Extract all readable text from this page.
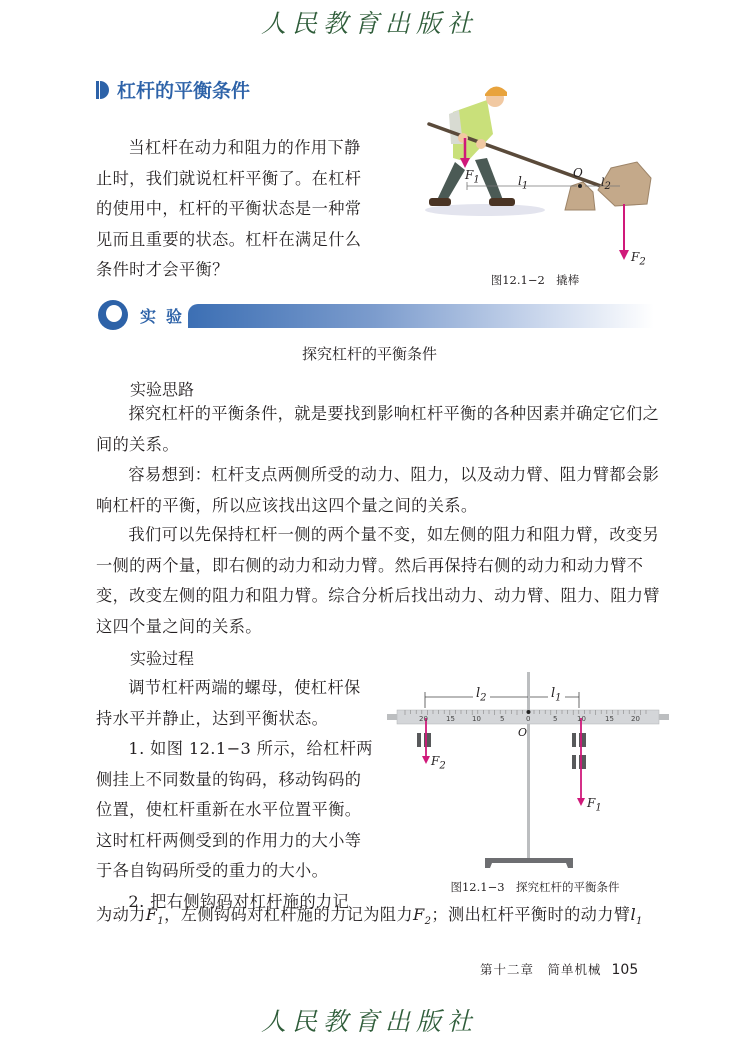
人民教育出版社
杠杆的平衡条件
当杠杆在动力和阻力的作用下静
止时，我们就说杠杆平衡了。在杠杆
的使用中，杠杆的平衡状态是一种常
见而且重要的状态。杠杆在满足什么
条件时才会平衡？
$F_1$	$l_1$
O
$l_2$
$F_2$
图12.1−2　撬棒
实验
探究杠杆的平衡条件
实验思路
探究杠杆的平衡条件，就是要找到影响杠杆平衡的各种因素并确定它们之
间的关系。
容易想到：杠杆支点两侧所受的动力、阻力，以及动力臂、阻力臂都会影
响杠杆的平衡，所以应该找出这四个量之间的关系。
我们可以先保持杠杆一侧的两个量不变，如左侧的阻力和阻力臂，改变另
一侧的两个量，即右侧的动力和动力臂。然后再保持右侧的动力和动力臂不
变，改变左侧的阻力和阻力臂。综合分析后找出动力、动力臂、阻力、阻力臂
这四个量之间的关系。
实验过程
调节杠杆两端的螺母，使杠杆保
持水平并静止，达到平衡状态。
1. 如图 12.1−3 所示，给杠杆两
侧挂上不同数量的钩码，移动钩码的
位置，使杠杆重新在水平位置平衡。
这时杠杆两侧受到的作用力的大小等
于各自钩码所受的重力的大小。
2. 把右侧钩码对杠杆施的力记
为动力$F_1$，左侧钩码对杠杆施的力记为阻力$F_2$；测出杠杆平衡时的动力臂$l_1$
20	15 10	5	0	5	10	15 20
$l_2$	$l_1$
O
$F_2$
$F_1$
图12.1−3　探究杠杆的平衡条件
第十二章　简单机械 105
人民教育出版社
